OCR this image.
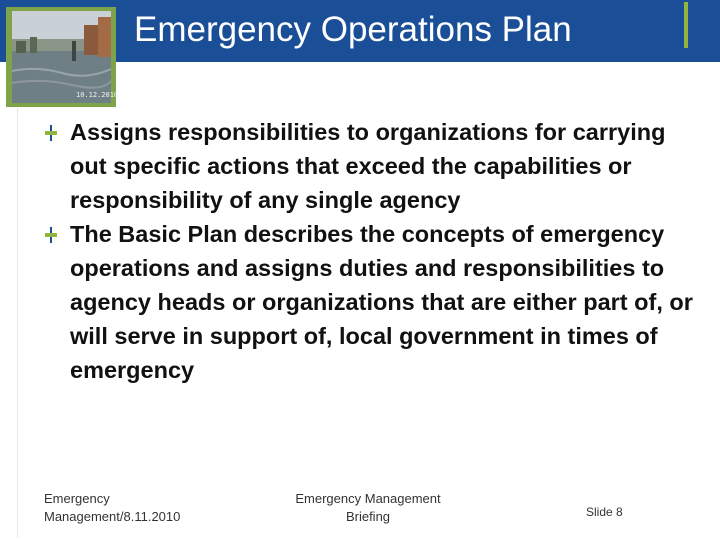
10.12.2010
Emergency Operations Plan
Assigns responsibilities to organizations for carrying out specific actions that exceed the capabilities or responsibility of any single agency
The Basic Plan describes the concepts of emergency operations and assigns duties and responsibilities to agency heads or organizations that are either part of, or will serve in support of, local government in times of emergency
Emergency
Management/8.11.2010
Emergency Management
Briefing	Slide 8
